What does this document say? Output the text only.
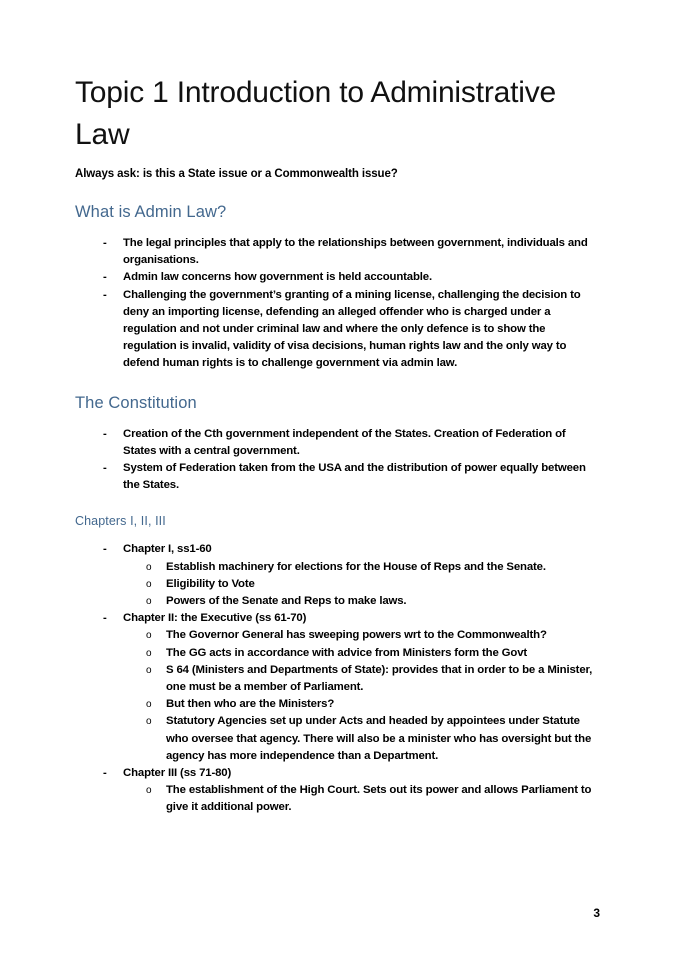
Topic 1 Introduction to Administrative Law

Always ask: is this a State issue or a Commonwealth issue?

What is Admin Law?
- The legal principles that apply to the relationships between government, individuals and organisations.
- Admin law concerns how government is held accountable.
- Challenging the government’s granting of a mining license, challenging the decision to deny an importing license, defending an alleged offender who is charged under a regulation and not under criminal law and where the only defence is to show the regulation is invalid, validity of visa decisions, human rights law and the only way to defend human rights is to challenge government via admin law.
The Constitution
- Creation of the Cth government independent of the States. Creation of Federation of States with a central government.
- System of Federation taken from the USA and the distribution of power equally between the States.
Chapters I, II, III
- Chapter I, ss1-60
o Establish machinery for elections for the House of Reps and the Senate.
o Eligibility to Vote
o Powers of the Senate and Reps to make laws.
- Chapter II: the Executive (ss 61-70)
o The Governor General has sweeping powers wrt to the Commonwealth?
o The GG acts in accordance with advice from Ministers form the Govt
o S 64 (Ministers and Departments of State): provides that in order to be a Minister, one must be a member of Parliament.
o But then who are the Ministers?
o Statutory Agencies set up under Acts and headed by appointees under Statute who oversee that agency. There will also be a minister who has oversight but the agency has more independence than a Department.
- Chapter III (ss 71-80)
o The establishment of the High Court. Sets out its power and allows Parliament to give it additional power.
3
